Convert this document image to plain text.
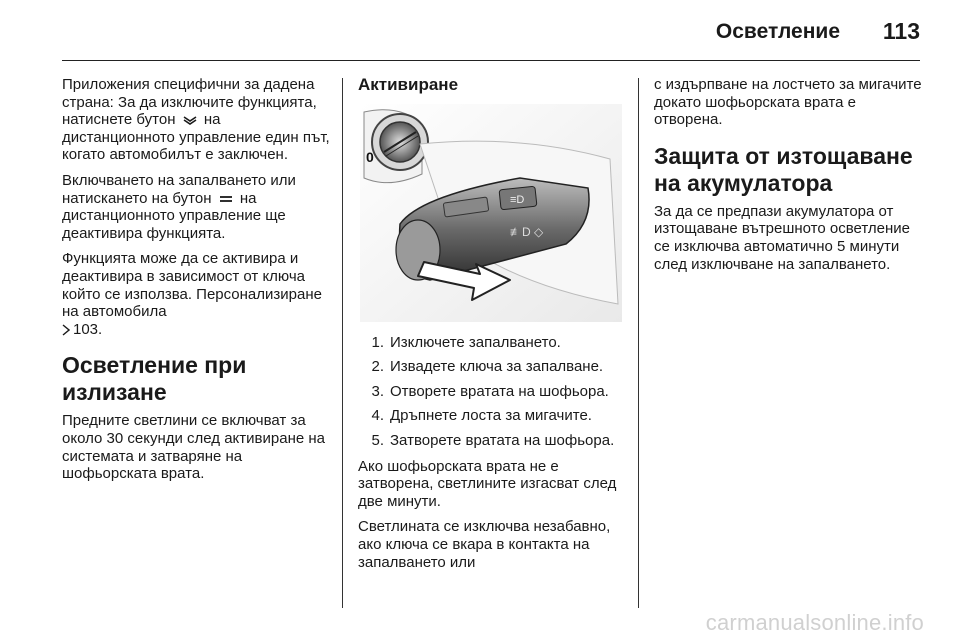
Осветление 113

Приложения специфични за дадена страна: За да изключите функцията, натиснете бутон на дистанционното управление един път, когато автомобилът е заключен.

Включването на запалването или натискането на бутон на дистанционното управление ще деактивира функцията.

Функцията може да се активира и деактивира в зависимост от ключа който се използва. Персонализиране на автомобила
103.

Осветление при излизане

Предните светлини се включват за около 30 секунди след активиране на системата и затваряне на шофьорската врата.

Активиране
0
≡D
≢D ◇
1. Изключете запалването.
2. Извадете ключа за запалване.
3. Отворете вратата на шофьора.
4. Дръпнете лоста за мигачите.
5. Затворете вратата на шофьора.

Ако шофьорската врата не е затворена, светлините изгасват след две минути.

Светлината се изключва незабавно, ако ключа се вкара в контакта на запалването или

с издърпване на лостчето за мигачите докато шофьорската врата е отворена.

Защита от изтощаване на акумулатора

За да се предпази акумулатора от изтощаване вътрешното осветление се изключва автоматично 5 минути след изключване на запалването.

carmanualsonline.info
